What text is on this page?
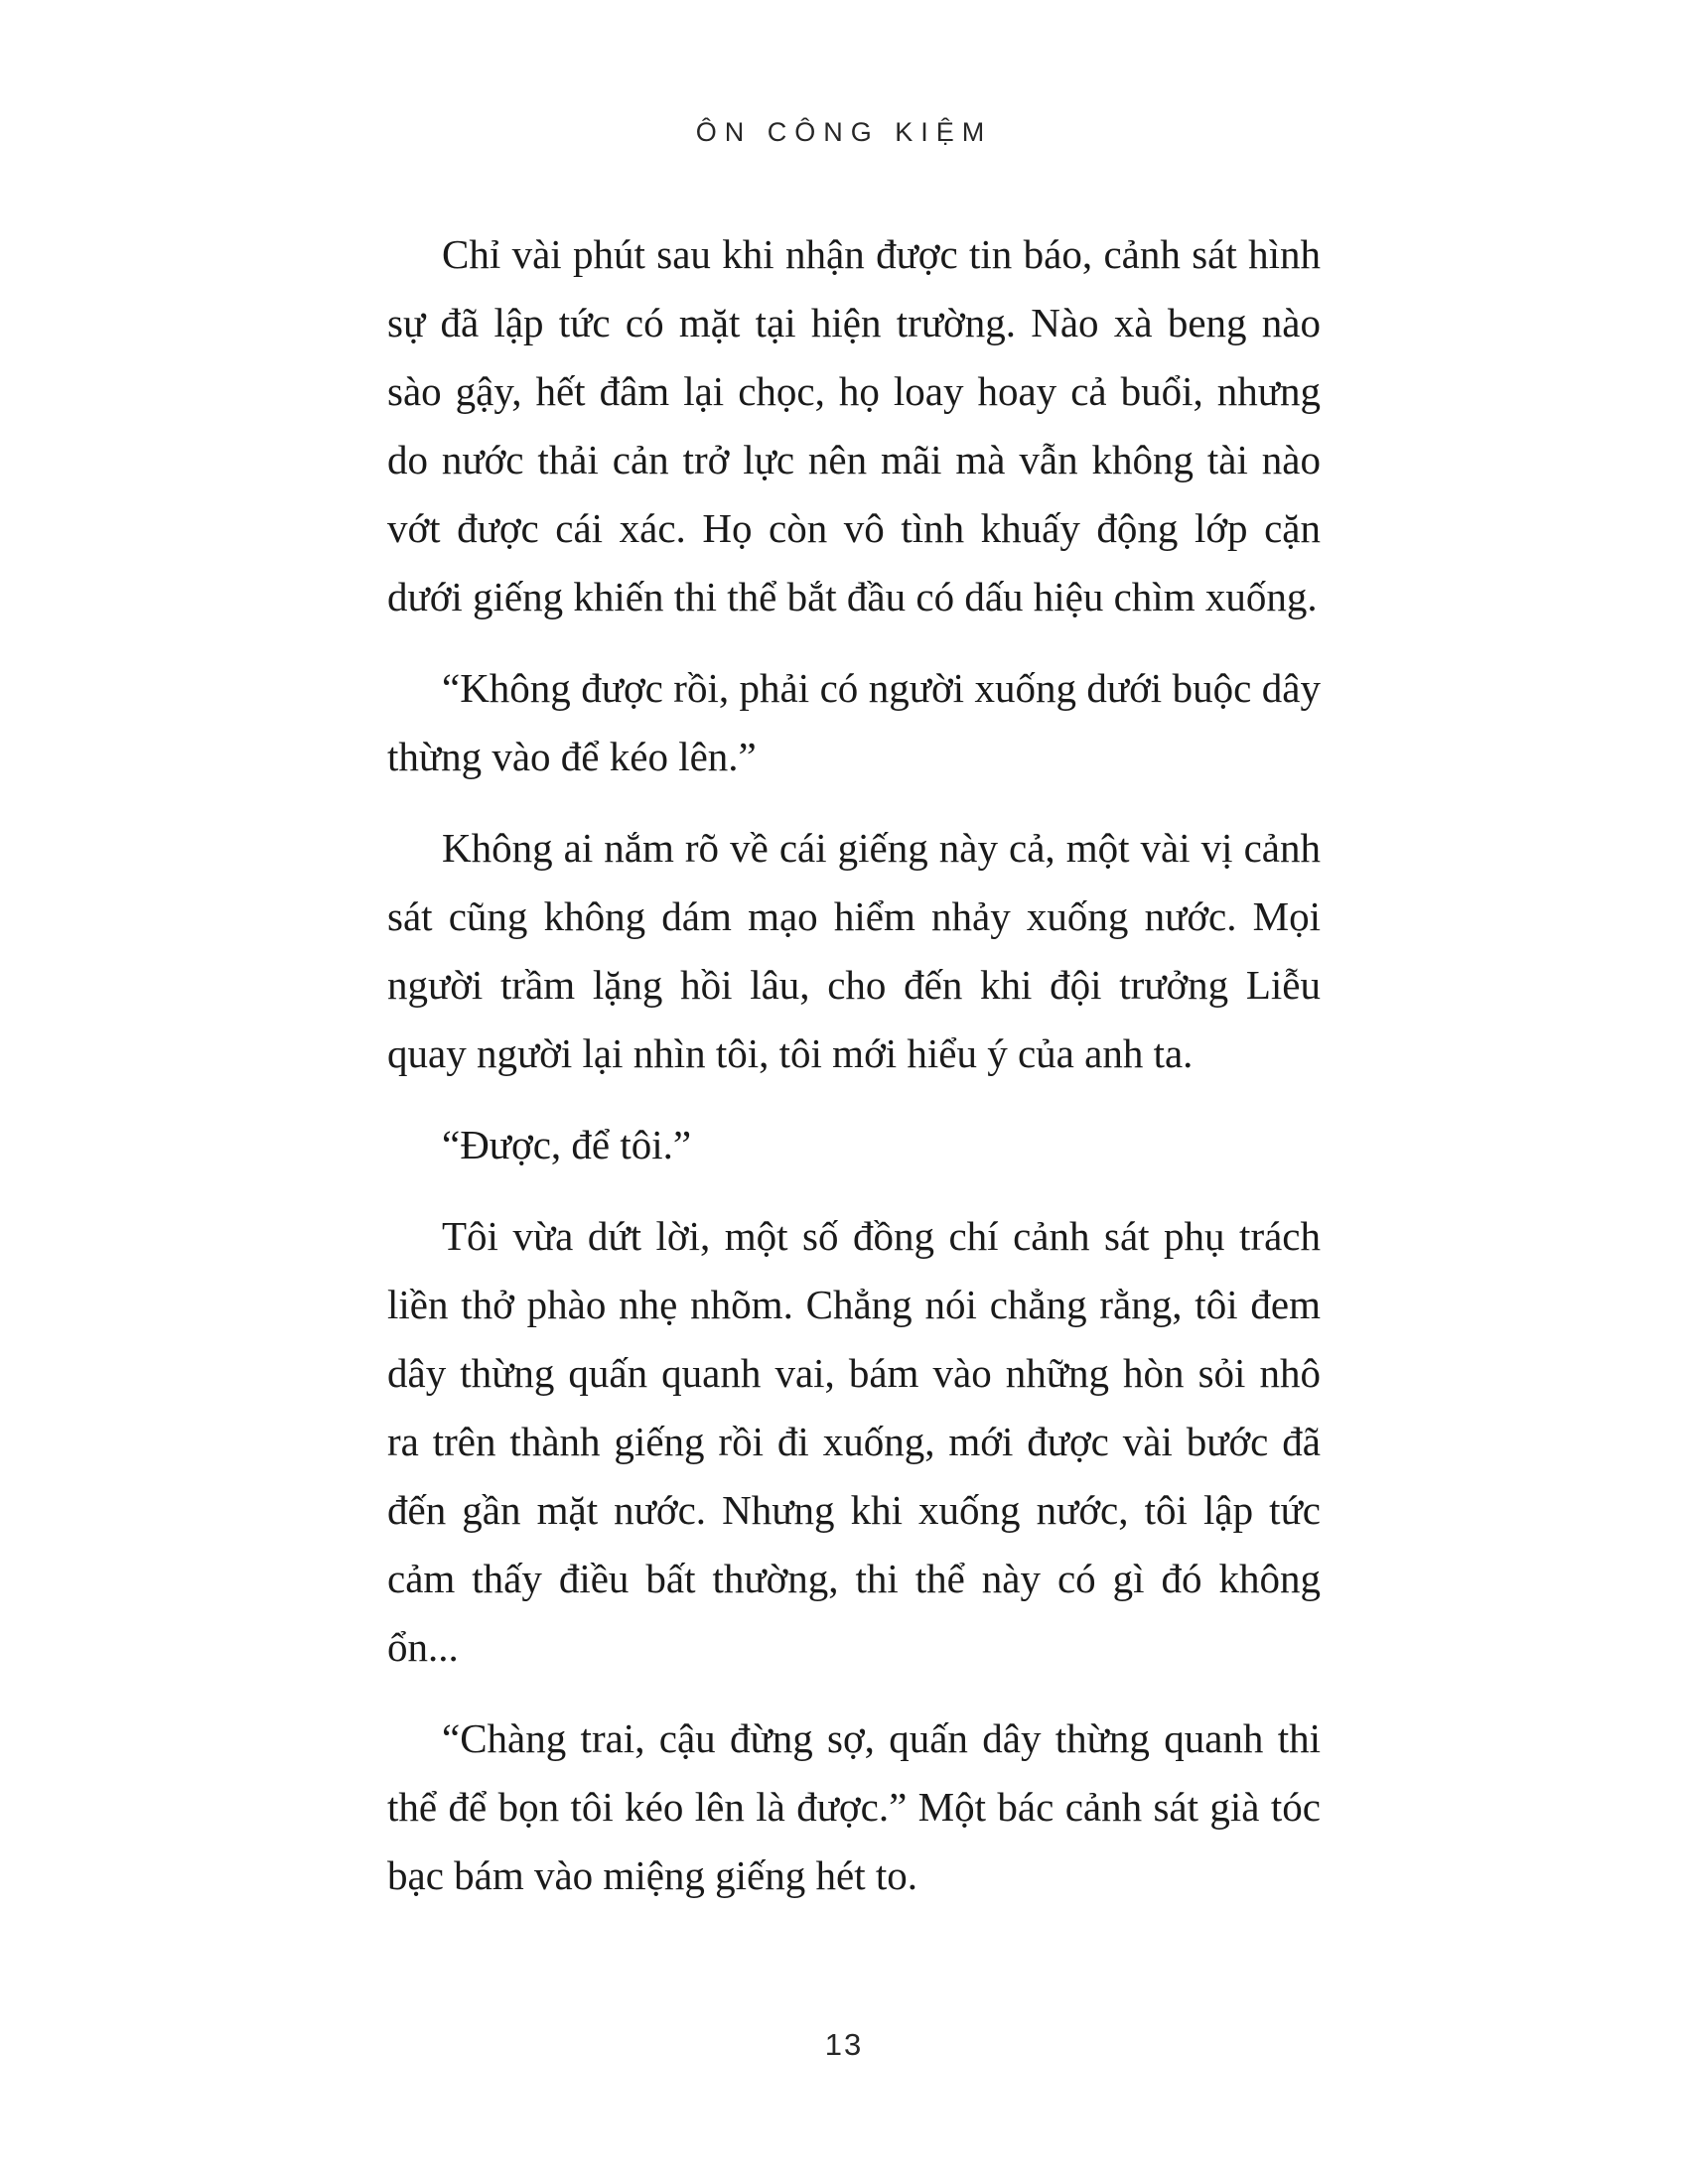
ÔN CÔNG KIỆM

Chỉ vài phút sau khi nhận được tin báo, cảnh sát hình sự đã lập tức có mặt tại hiện trường. Nào xà beng nào sào gậy, hết đâm lại chọc, họ loay hoay cả buổi, nhưng do nước thải cản trở lực nên mãi mà vẫn không tài nào vớt được cái xác. Họ còn vô tình khuấy động lớp cặn dưới giếng khiến thi thể bắt đầu có dấu hiệu chìm xuống.

“Không được rồi, phải có người xuống dưới buộc dây thừng vào để kéo lên.”

Không ai nắm rõ về cái giếng này cả, một vài vị cảnh sát cũng không dám mạo hiểm nhảy xuống nước. Mọi người trầm lặng hồi lâu, cho đến khi đội trưởng Liễu quay người lại nhìn tôi, tôi mới hiểu ý của anh ta.

“Được, để tôi.”

Tôi vừa dứt lời, một số đồng chí cảnh sát phụ trách liền thở phào nhẹ nhõm. Chẳng nói chẳng rằng, tôi đem dây thừng quấn quanh vai, bám vào những hòn sỏi nhô ra trên thành giếng rồi đi xuống, mới được vài bước đã đến gần mặt nước. Nhưng khi xuống nước, tôi lập tức cảm thấy điều bất thường, thi thể này có gì đó không ổn...

“Chàng trai, cậu đừng sợ, quấn dây thừng quanh thi thể để bọn tôi kéo lên là được.” Một bác cảnh sát già tóc bạc bám vào miệng giếng hét to.

13
